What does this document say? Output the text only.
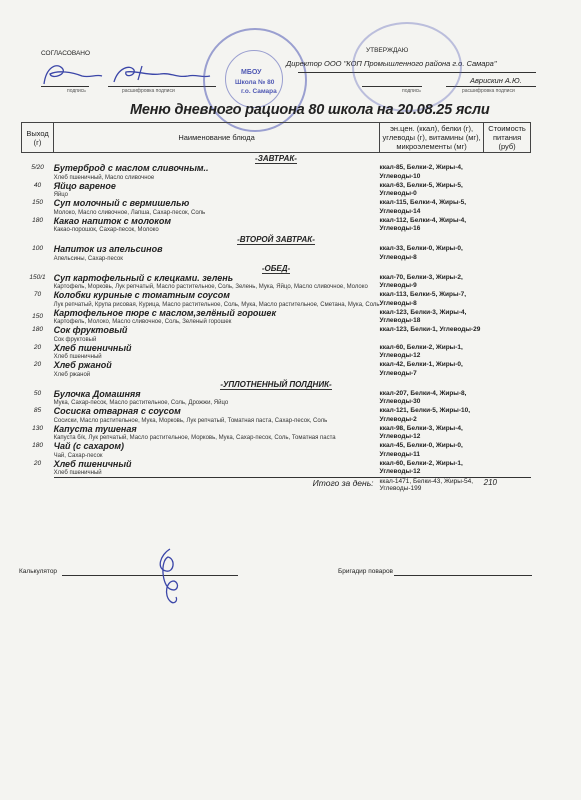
СОГЛАСОВАНО
подпись	расшифровка подписи
МБОУ
Школа № 80
г.о. Самара
УТВЕРЖДАЮ
Директор ООО "КОП Промышленного района г.о. Самара"
Аврискин А.Ю.
подпись	расшифровка подписи
Меню дневного рациона 80 школа на 20.08.25 ясли
Выход (г)	Наименование блюда	эн.цен. (ккал), белки (г), углеводы (г), витамины (мг), микроэлементы (мг)	Стоимость питания (руб)
-ЗАВТРАК-			
5/20	Бутерброд с маслом сливочным..
Хлеб пшеничный, Масло сливочное	ккал-85, Белки-2, Жиры-4, Углеводы-10	
40	Яйцо вареное
Яйцо	ккал-63, Белки-5, Жиры-5, Углеводы-0	
150	Суп молочный с вермишелью
Молоко, Масло сливочное, Лапша, Сахар-песок, Соль	ккал-115, Белки-4, Жиры-5, Углеводы-14	
180	Какао напиток с молоком
Какао-порошок, Сахар-песок, Молоко	ккал-112, Белки-4, Жиры-4, Углеводы-16	
-ВТОРОЙ ЗАВТРАК-			
100	Напиток из апельсинов
Апельсины, Сахар-песок	ккал-33, Белки-0, Жиры-0, Углеводы-8	
-ОБЕД-			
150/1	Суп картофельный с клецками. зелень
Картофель, Морковь, Лук репчатый, Масло растительное, Соль, Зелень, Мука, Яйцо, Масло сливочное, Молоко	ккал-70, Белки-3, Жиры-2, Углеводы-9	
70	Колобки куриные с томатным соусом
Лук репчатый, Крупа рисовая, Курица, Масло растительное, Соль, Мука, Масло растительное, Сметана, Мука, Соль	ккал-113, Белки-5, Жиры-7, Углеводы-8	
150	Картофельное пюре с маслом,зелёный горошек
Картофель, Молоко, Масло сливочное, Соль, Зеленый горошек	ккал-123, Белки-3, Жиры-4, Углеводы-18	
180	Сок фруктовый
Сок фруктовый	ккал-123, Белки-1, Углеводы-29	
20	Хлеб пшеничный
Хлеб пшеничный	ккал-60, Белки-2, Жиры-1, Углеводы-12	
20	Хлеб ржаной
Хлеб ржаной	ккал-42, Белки-1, Жиры-0, Углеводы-7	
-УПЛОТНЕННЫЙ ПОЛДНИК-			
50	Булочка Домашняя
Мука, Сахар-песок, Масло растительное, Соль, Дрожжи, Яйцо	ккал-207, Белки-4, Жиры-8, Углеводы-30	
85	Сосиска отварная с соусом
Сосиски, Масло растительное, Мука, Морковь, Лук репчатый, Томатная паста, Сахар-песок, Соль	ккал-121, Белки-5, Жиры-10, Углеводы-2	
130	Капуста тушеная
Капуста б/к, Лук репчатый, Масло растительное, Морковь, Мука, Сахар-песок, Соль, Томатная паста	ккал-98, Белки-3, Жиры-4, Углеводы-12	
180	Чай (с сахаром)
Чай, Сахар-песок	ккал-45, Белки-0, Жиры-0, Углеводы-11	
20	Хлеб пшеничный
Хлеб пшеничный	ккал-60, Белки-2, Жиры-1, Углеводы-12	
	Итого за день:	ккал-1471, Белки-43, Жиры-54, Углеводы-199	210
Калькулятор	Бригадир поваров
